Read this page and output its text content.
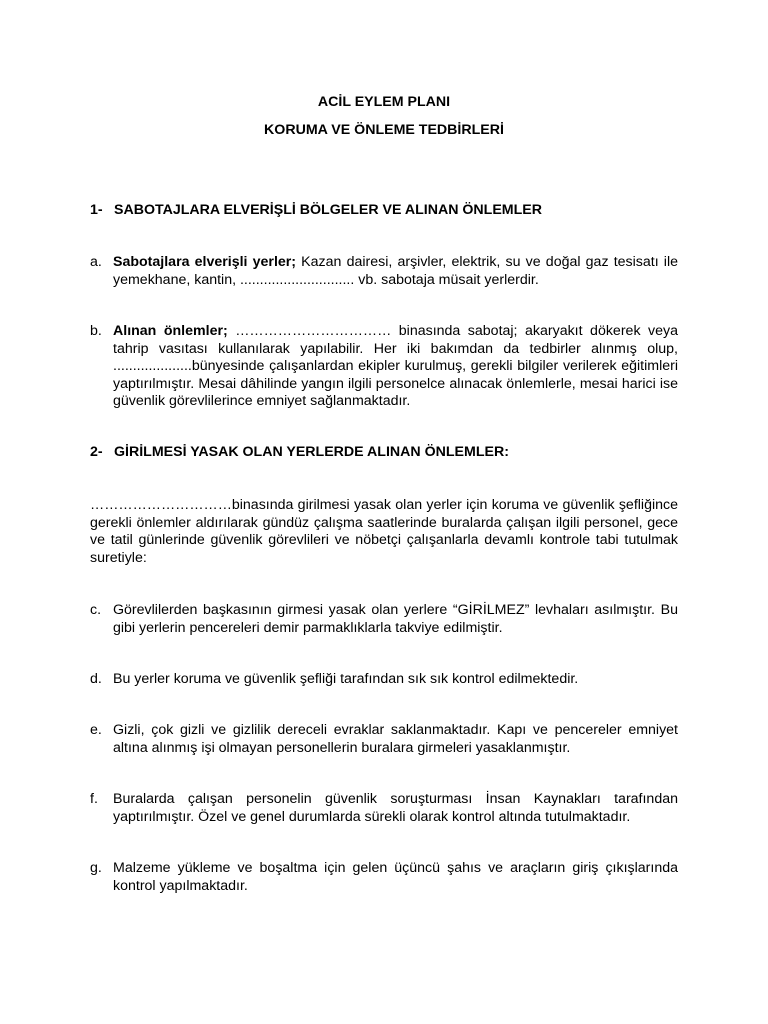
ACİL EYLEM PLANI
KORUMA VE ÖNLEME TEDBİRLERİ
1- SABOTAJLARA ELVERİŞLİ BÖLGELER VE ALINAN ÖNLEMLER
a. Sabotajlara elverişli yerler; Kazan dairesi, arşivler, elektrik, su ve doğal gaz tesisatı ile yemekhane, kantin, ............................. vb. sabotaja müsait yerlerdir.
b. Alınan önlemler; …………………………… binasında sabotaj; akaryakıt dökerek veya tahrip vasıtası kullanılarak yapılabilir. Her iki bakımdan da tedbirler alınmış olup, ....................bünyesinde çalışanlardan ekipler kurulmuş, gerekli bilgiler verilerek eğitimleri yaptırılmıştır. Mesai dâhilinde yangın ilgili personelce alınacak önlemlerle, mesai harici ise güvenlik görevlilerince emniyet sağlanmaktadır.
2- GİRİLMESİ YASAK OLAN YERLERDE ALINAN ÖNLEMLER:
…………………………binasında girilmesi yasak olan yerler için koruma ve güvenlik şefliğince gerekli önlemler aldırılarak gündüz çalışma saatlerinde buralarda çalışan ilgili personel, gece ve tatil günlerinde güvenlik görevlileri ve nöbetçi çalışanlarla devamlı kontrole tabi tutulmak suretiyle:
c. Görevlilerden başkasının girmesi yasak olan yerlere “GİRİLMEZ” levhaları asılmıştır. Bu gibi yerlerin pencereleri demir parmaklıklarla takviye edilmiştir.
d. Bu yerler koruma ve güvenlik şefliği tarafından sık sık kontrol edilmektedir.
e. Gizli, çok gizli ve gizlilik dereceli evraklar saklanmaktadır. Kapı ve pencereler emniyet altına alınmış işi olmayan personellerin buralara girmeleri yasaklanmıştır.
f. Buralarda çalışan personelin güvenlik soruşturması İnsan Kaynakları tarafından yaptırılmıştır. Özel ve genel durumlarda sürekli olarak kontrol altında tutulmaktadır.
g. Malzeme yükleme ve boşaltma için gelen üçüncü şahıs ve araçların giriş çıkışlarında kontrol yapılmaktadır.
